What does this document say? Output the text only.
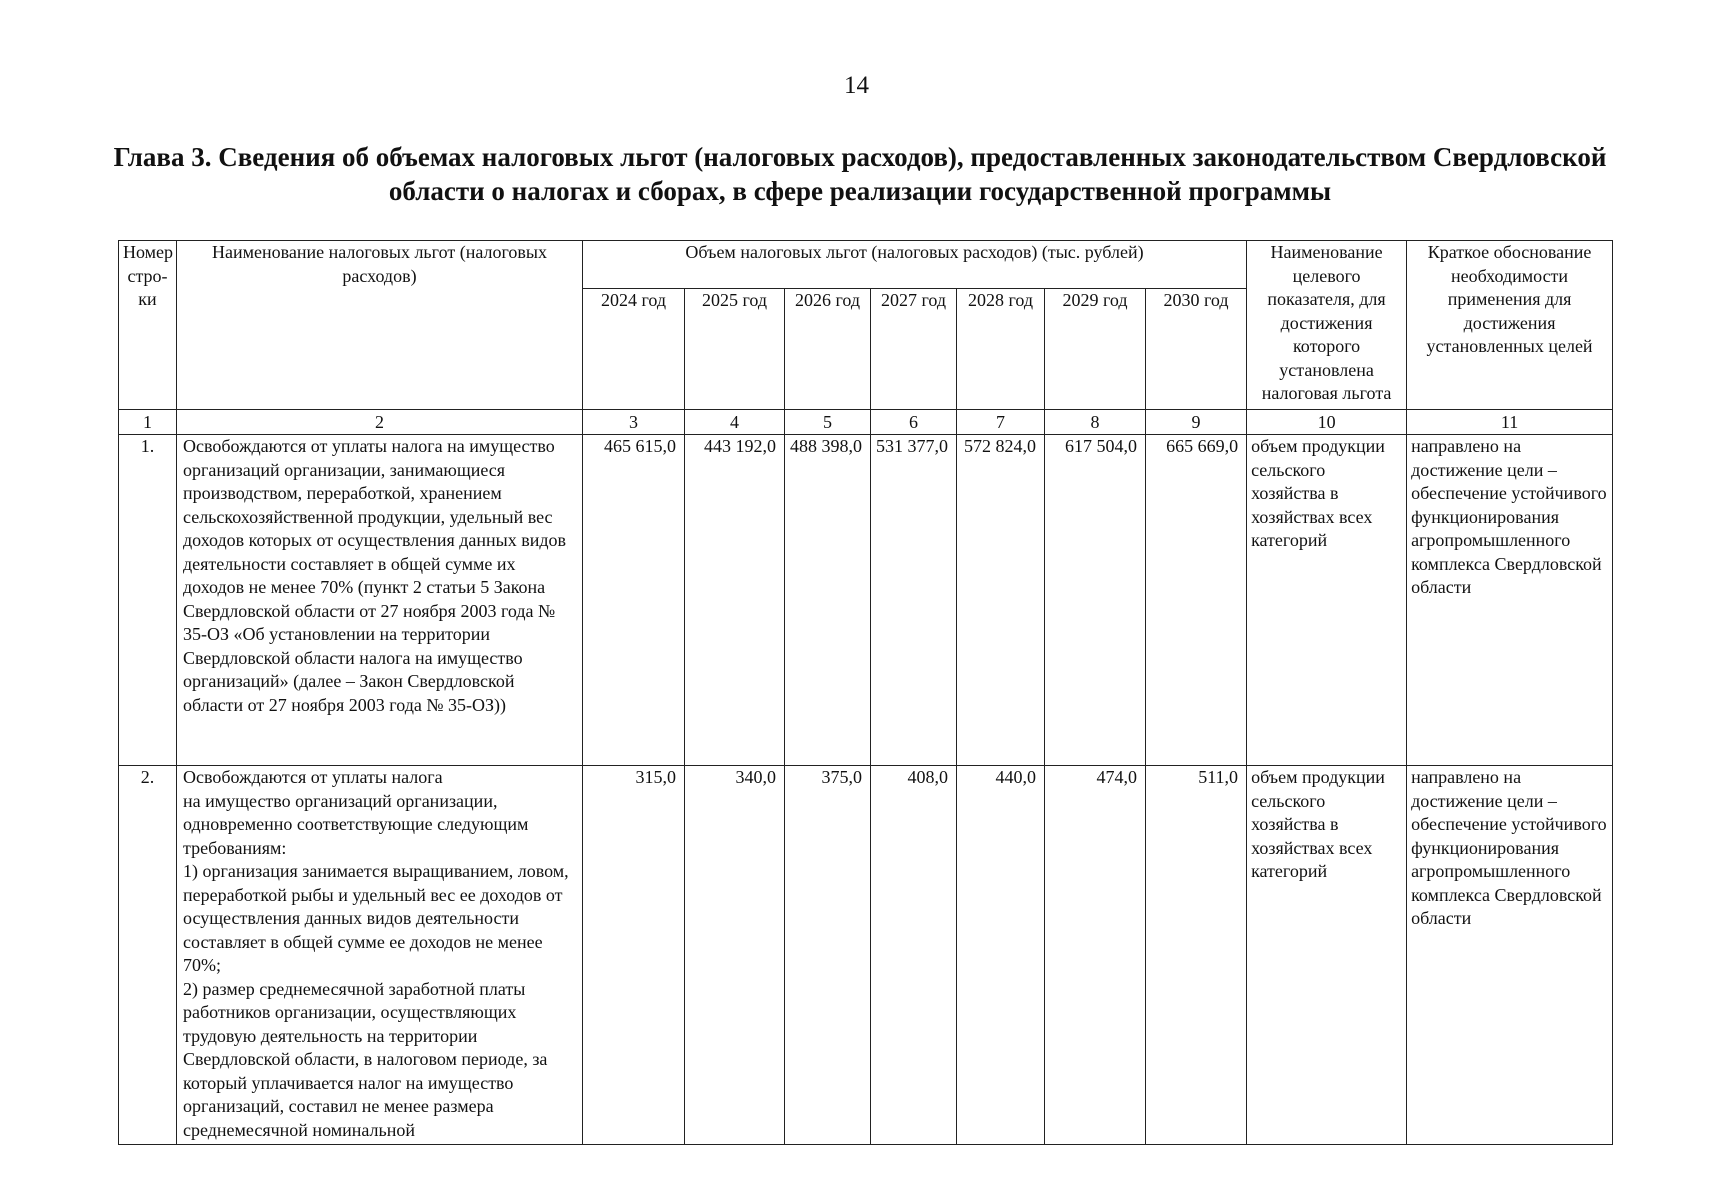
14
Глава 3. Сведения об объемах налоговых льгот (налоговых расходов), предоставленных законодательством Свердловской области о налогах и сборах, в сфере реализации государственной программы
Номер стро-ки	Наименование налоговых льгот (налоговых расходов)	Объем налоговых льгот (налоговых расходов) (тыс. рублей)							Наименование целевого показателя, для достижения которого установлена налоговая льгота	Краткое обоснование необходимости применения для достижения установленных целей
		2024 год	2025 год	2026 год	2027 год	2028 год	2029 год	2030 год		
1	2	3	4	5	6	7	8	9	10	11
1.	Освобождаются от уплаты налога на имущество организаций организации, занимающиеся производством, переработкой, хранением сельскохозяйственной продукции, удельный вес доходов которых от осуществления данных видов деятельности составляет в общей сумме их доходов не менее 70% (пункт 2 статьи 5 Закона Свердловской области от 27 ноября 2003 года № 35-ОЗ «Об установлении на территории Свердловской области налога на имущество организаций» (далее – Закон Свердловской области от 27 ноября 2003 года № 35-ОЗ))	465 615,0	443 192,0	488 398,0	531 377,0	572 824,0	617 504,0	665 669,0	объем продукции сельского хозяйства в хозяйствах всех категорий	направлено на достижение цели – обеспечение устойчивого функционирования агропромышленного комплекса Свердловской области
2.	Освобождаются от уплаты налога
на имущество организаций организации, одновременно соответствующие следующим требованиям:
1) организация занимается выращиванием, ловом, переработкой рыбы и удельный вес ее доходов от осуществления данных видов деятельности составляет в общей сумме ее доходов не менее 70%;
2) размер среднемесячной заработной платы работников организации, осуществляющих трудовую деятельность на территории Свердловской области, в налоговом периоде, за который уплачивается налог на имущество организаций, составил не менее размера среднемесячной номинальной	315,0	340,0	375,0	408,0	440,0	474,0	511,0	объем продукции сельского хозяйства в хозяйствах всех категорий	направлено на достижение цели – обеспечение устойчивого функционирования агропромышленного комплекса Свердловской области
